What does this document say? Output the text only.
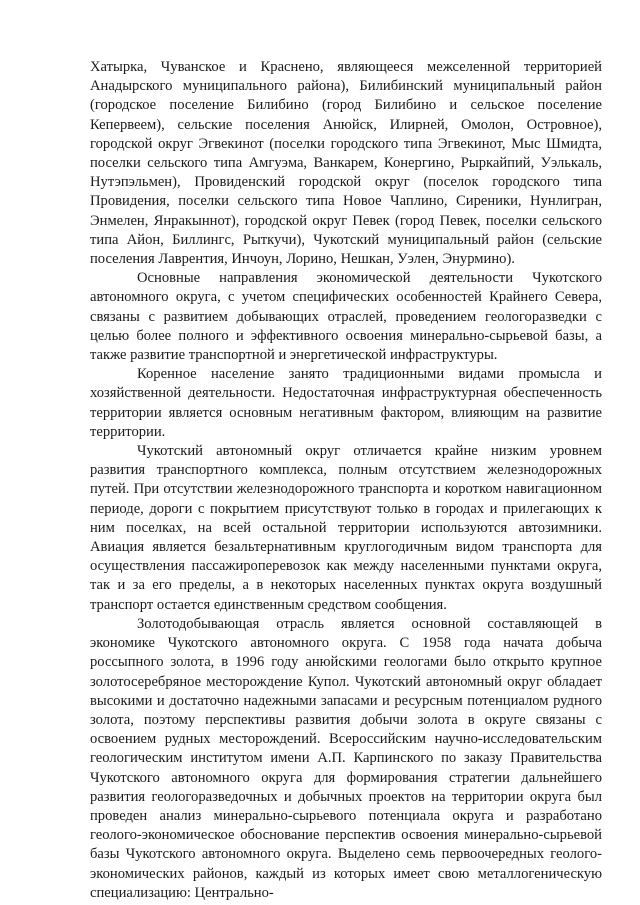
Хатырка, Чуванское и Краснено, являющееся межселенной территорией Анадырского муниципального района), Билибинский муниципальный район (городское поселение Билибино (город Билибино и сельское поселение Кепервеем), сельские поселения Анюйск, Илирней, Омолон, Островное), городской округ Эгвекинот (поселки городского типа Эгвекинот, Мыс Шмидта, поселки сельского типа Амгуэма, Ванкарем, Конергино, Рыркайпий, Уэлькаль, Нутэпэльмен), Провиденский городской округ (поселок городского типа Провидения, поселки сельского типа Новое Чаплино, Сиреники, Нунлигран, Энмелен, Янракыннот), городской округ Певек (город Певек, поселки сельского типа Айон, Биллингс, Рыткучи), Чукотский муниципальный район (сельские поселения Лаврентия, Инчоун, Лорино, Нешкан, Уэлен, Энурмино).

Основные направления экономической деятельности Чукотского автономного округа, с учетом специфических особенностей Крайнего Севера, связаны с развитием добывающих отраслей, проведением геологоразведки с целью более полного и эффективного освоения минерально-сырьевой базы, а также развитие транспортной и энергетической инфраструктуры.

Коренное население занято традиционными видами промысла и хозяйственной деятельности. Недостаточная инфраструктурная обеспеченность территории является основным негативным фактором, влияющим на развитие территории.

Чукотский автономный округ отличается крайне низким уровнем развития транспортного комплекса, полным отсутствием железнодорожных путей. При отсутствии железнодорожного транспорта и коротком навигационном периоде, дороги с покрытием присутствуют только в городах и прилегающих к ним поселках, на всей остальной территории используются автозимники. Авиация является безальтернативным круглогодичным видом транспорта для осуществления пассажироперевозок как между населенными пунктами округа, так и за его пределы, а в некоторых населенных пунктах округа воздушный транспорт остается единственным средством сообщения.

Золотодобывающая отрасль является основной составляющей в экономике Чукотского автономного округа. С 1958 года начата добыча россыпного золота, в 1996 году анюйскими геологами было открыто крупное золотосеребряное месторождение Купол. Чукотский автономный округ обладает высокими и достаточно надежными запасами и ресурсным потенциалом рудного золота, поэтому перспективы развития добычи золота в округе связаны с освоением рудных месторождений. Всероссийским научно-исследовательским геологическим институтом имени А.П. Карпинского по заказу Правительства Чукотского автономного округа для формирования стратегии дальнейшего развития геологоразведочных и добычных проектов на территории округа был проведен анализ минерально-сырьевого потенциала округа и разработано геолого-экономическое обоснование перспектив освоения минерально-сырьевой базы Чукотского автономного округа. Выделено семь первоочередных геолого-экономических районов, каждый из которых имеет свою металлогеническую специализацию: Центрально-
